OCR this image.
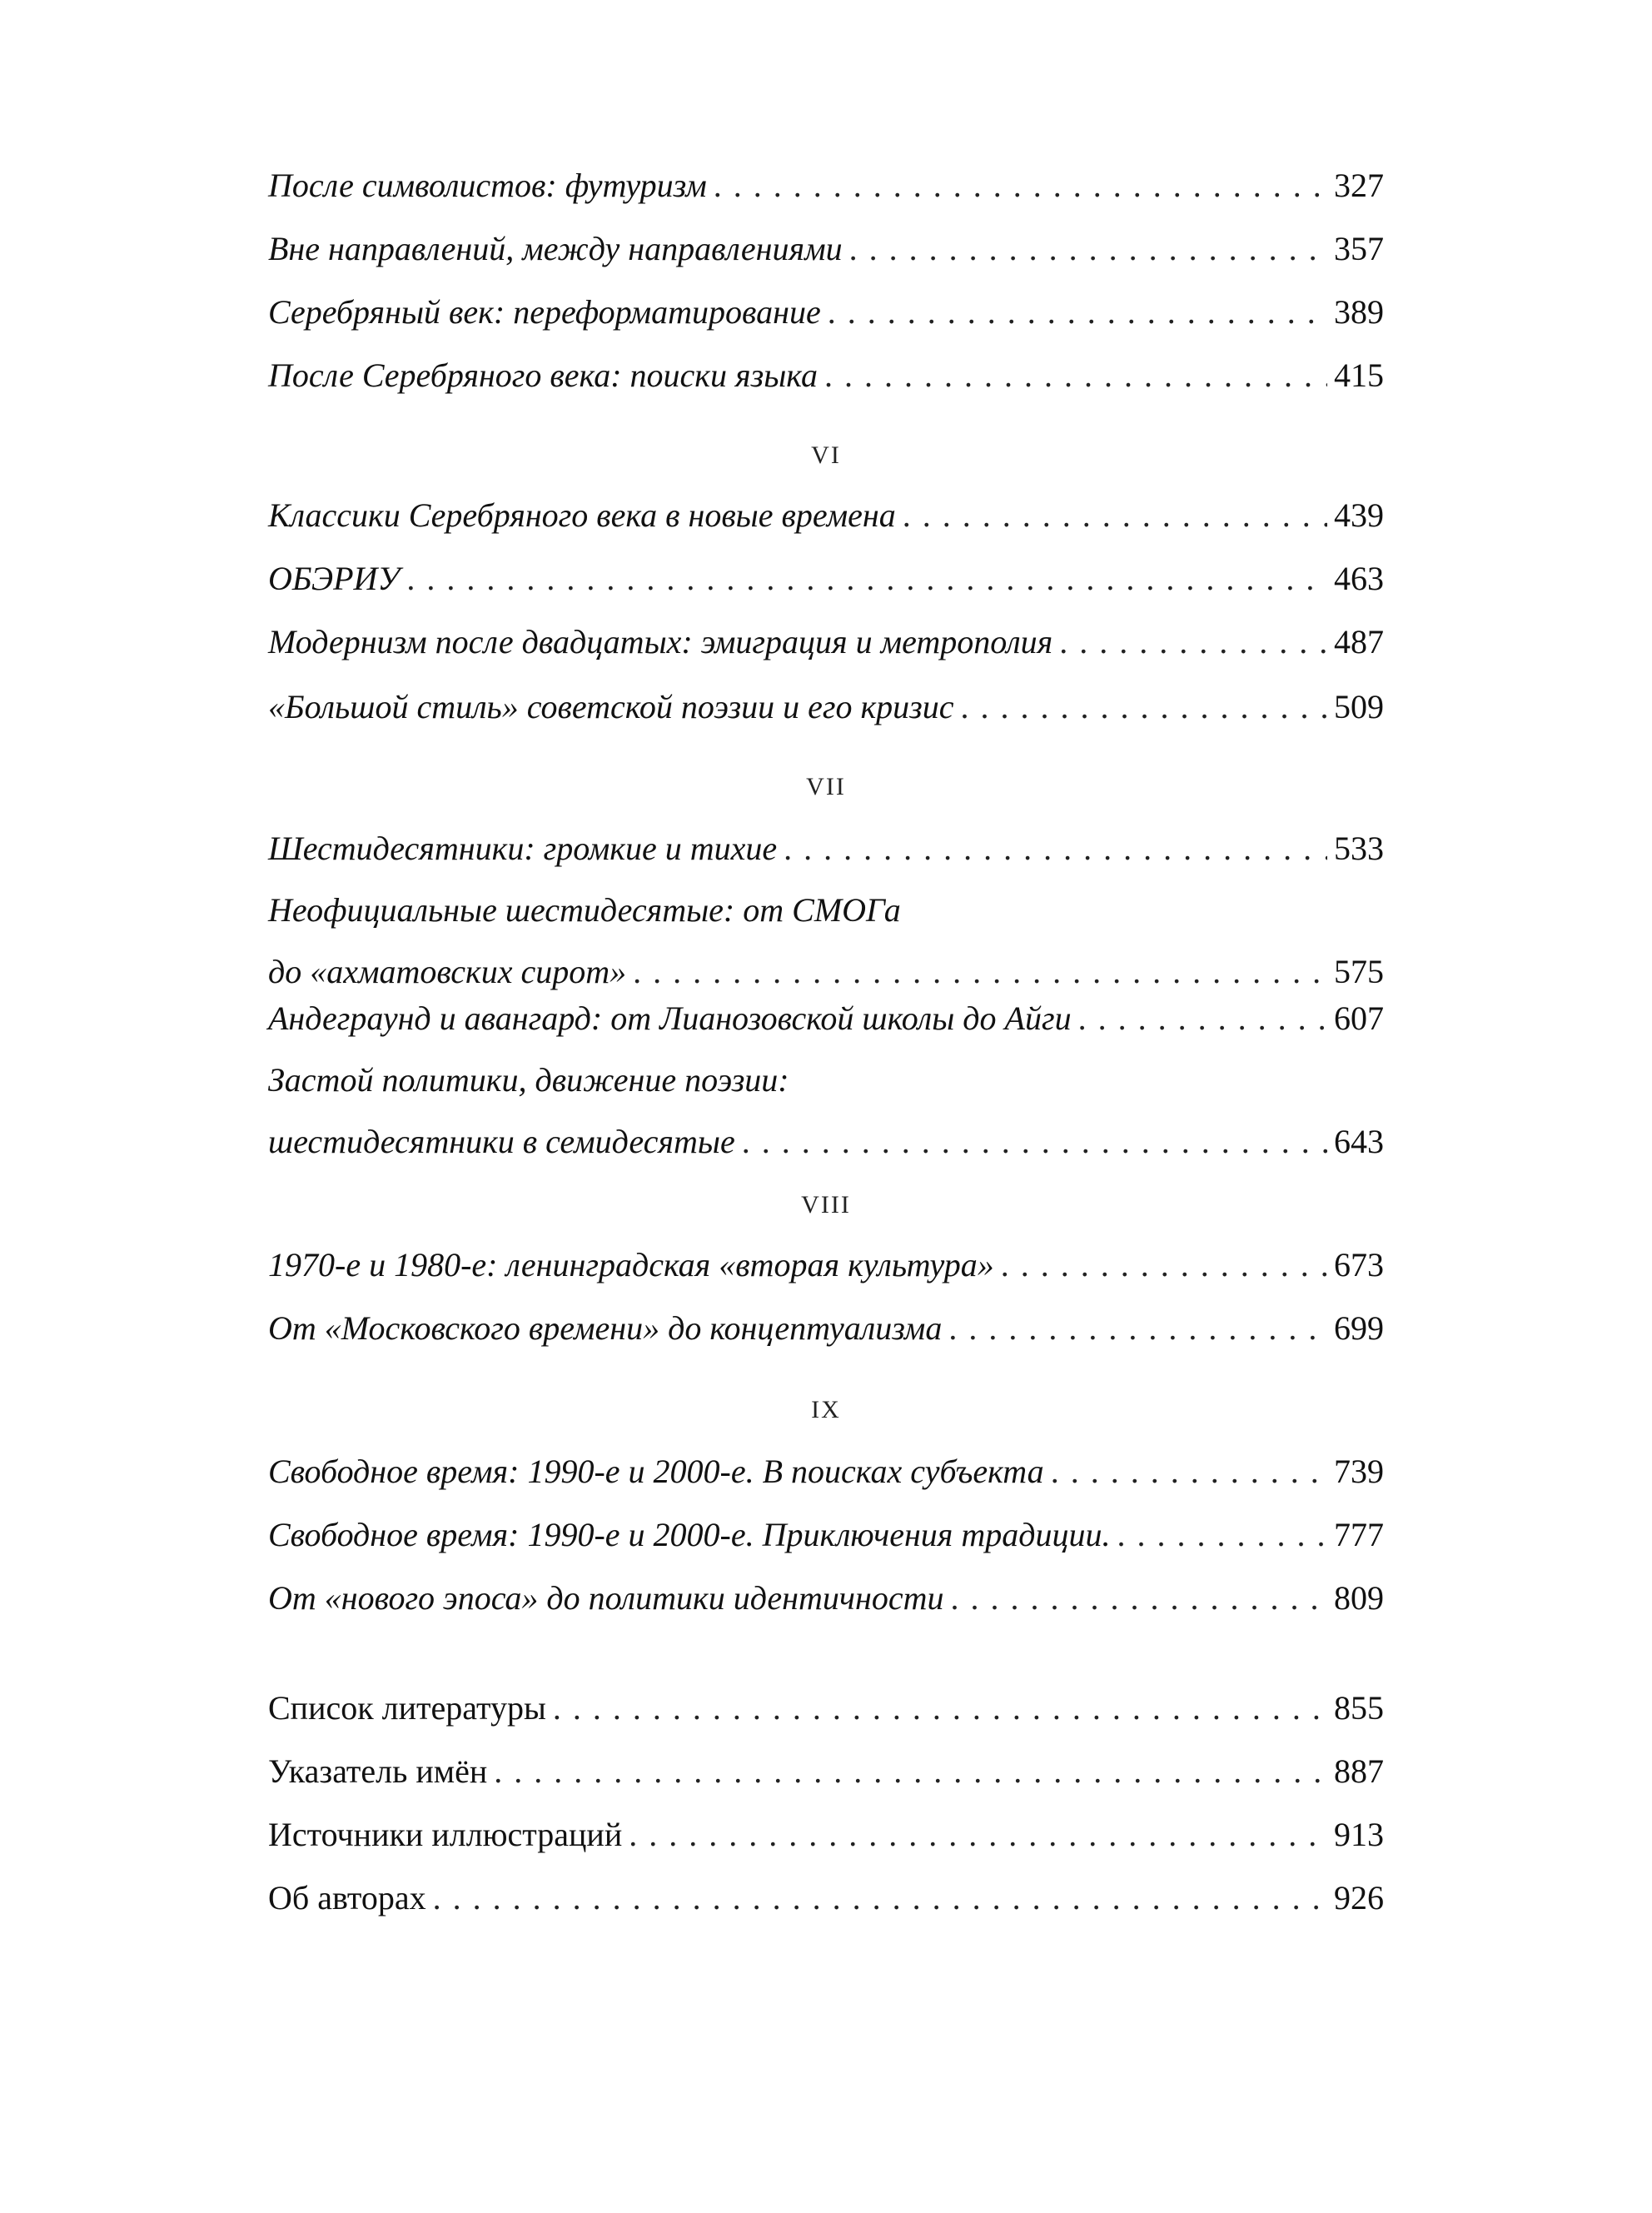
После символистов: футуризм . . .	327
Вне направлений, между направлениями . . .	357
Серебряный век: переформатирование . . .	389
После Серебряного века: поиски языка . . .	415
VI
Классики Серебряного века в новые времена . . .	439
ОБЭРИУ . . .	463
Модернизм после двадцатых: эмиграция и метрополия . . .	487
«Большой стиль» советской поэзии и его кризис . . .	509
VII
Шестидесятники: громкие и тихие . . .	533
Неофициальные шестидесятые: от СМОГа
до «ахматовских сирот» . . .	575
Андеграунд и авангард: от Лианозовской школы до Айги . . .	607
Застой политики, движение поэзии:
шестидесятники в семидесятые . . .	643
VIII
1970-е и 1980-е: ленинградская «вторая культура» . . .	673
От «Московского времени» до концептуализма . . .	699
IX
Свободное время: 1990-е и 2000-е. В поисках субъекта . . .	739
Свободное время: 1990-е и 2000-е. Приключения традиции. . . .	777
От «нового эпоса» до политики идентичности . . .	809
Список литературы . . .	855
Указатель имён . . .	887
Источники иллюстраций . . .	913
Об авторах . . .	926
